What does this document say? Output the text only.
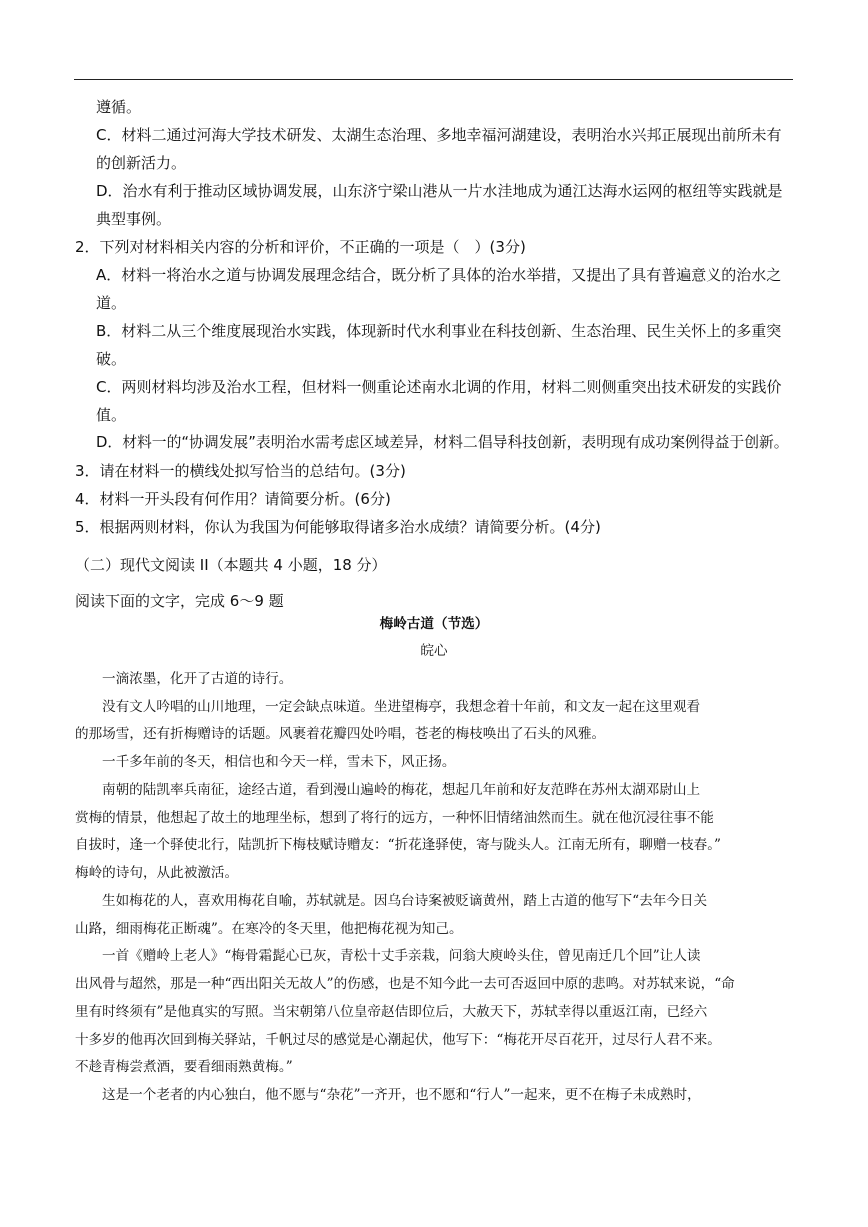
遵循。
C．材料二通过河海大学技术研发、太湖生态治理、多地幸福河湖建设，表明治水兴邦正展现出前所未有
的创新活力。
D．治水有利于推动区域协调发展，山东济宁梁山港从一片水洼地成为通江达海水运网的枢纽等实践就是
典型事例。
2．下列对材料相关内容的分析和评价，不正确的一项是（　）(3分)
A．材料一将治水之道与协调发展理念结合，既分析了具体的治水举措，又提出了具有普遍意义的治水之
道。
B．材料二从三个维度展现治水实践，体现新时代水利事业在科技创新、生态治理、民生关怀上的多重突
破。
C．两则材料均涉及治水工程，但材料一侧重论述南水北调的作用，材料二则侧重突出技术研发的实践价
值。
D．材料一的“协调发展”表明治水需考虑区域差异，材料二倡导科技创新，表明现有成功案例得益于创新。
3．请在材料一的横线处拟写恰当的总结句。(3分)
4．材料一开头段有何作用？请简要分析。(6分)
5．根据两则材料，你认为我国为何能够取得诸多治水成绩？请简要分析。(4分)
（二）现代文阅读 II（本题共 4 小题，18 分）
阅读下面的文字，完成 6～9 题
梅岭古道（节选）
皖心
一滴浓墨，化开了古道的诗行。
没有文人吟唱的山川地理，一定会缺点味道。坐进望梅亭，我想念着十年前，和文友一起在这里观看
的那场雪，还有折梅赠诗的话题。风裹着花瓣四处吟唱，苍老的梅枝唤出了石头的风雅。
一千多年前的冬天，相信也和今天一样，雪未下，风正扬。
南朝的陆凯率兵南征，途经古道，看到漫山遍岭的梅花，想起几年前和好友范晔在苏州太湖邓尉山上
赏梅的情景，他想起了故土的地理坐标，想到了将行的远方，一种怀旧情绪油然而生。就在他沉浸往事不能
自拔时，逢一个驿使北行，陆凯折下梅枝赋诗赠友：“折花逢驿使，寄与陇头人。江南无所有，聊赠一枝春。”
梅岭的诗句，从此被激活。
生如梅花的人，喜欢用梅花自喻，苏轼就是。因乌台诗案被贬谪黄州，踏上古道的他写下“去年今日关
山路，细雨梅花正断魂”。在寒冷的冬天里，他把梅花视为知己。
一首《赠岭上老人》“梅骨霜髭心已灰，青松十丈手亲栽，问翁大庾岭头住，曾见南迁几个回”让人读
出风骨与超然，那是一种“西出阳关无故人”的伤感，也是不知今此一去可否返回中原的悲鸣。对苏轼来说，“命
里有时终须有”是他真实的写照。当宋朝第八位皇帝赵佶即位后，大赦天下，苏轼幸得以重返江南，已经六
十多岁的他再次回到梅关驿站，千帆过尽的感觉是心潮起伏，他写下：“梅花开尽百花开，过尽行人君不来。
不趁青梅尝煮酒，要看细雨熟黄梅。”
这是一个老者的内心独白，他不愿与“杂花”一齐开，也不愿和“行人”一起来，更不在梅子未成熟时，
